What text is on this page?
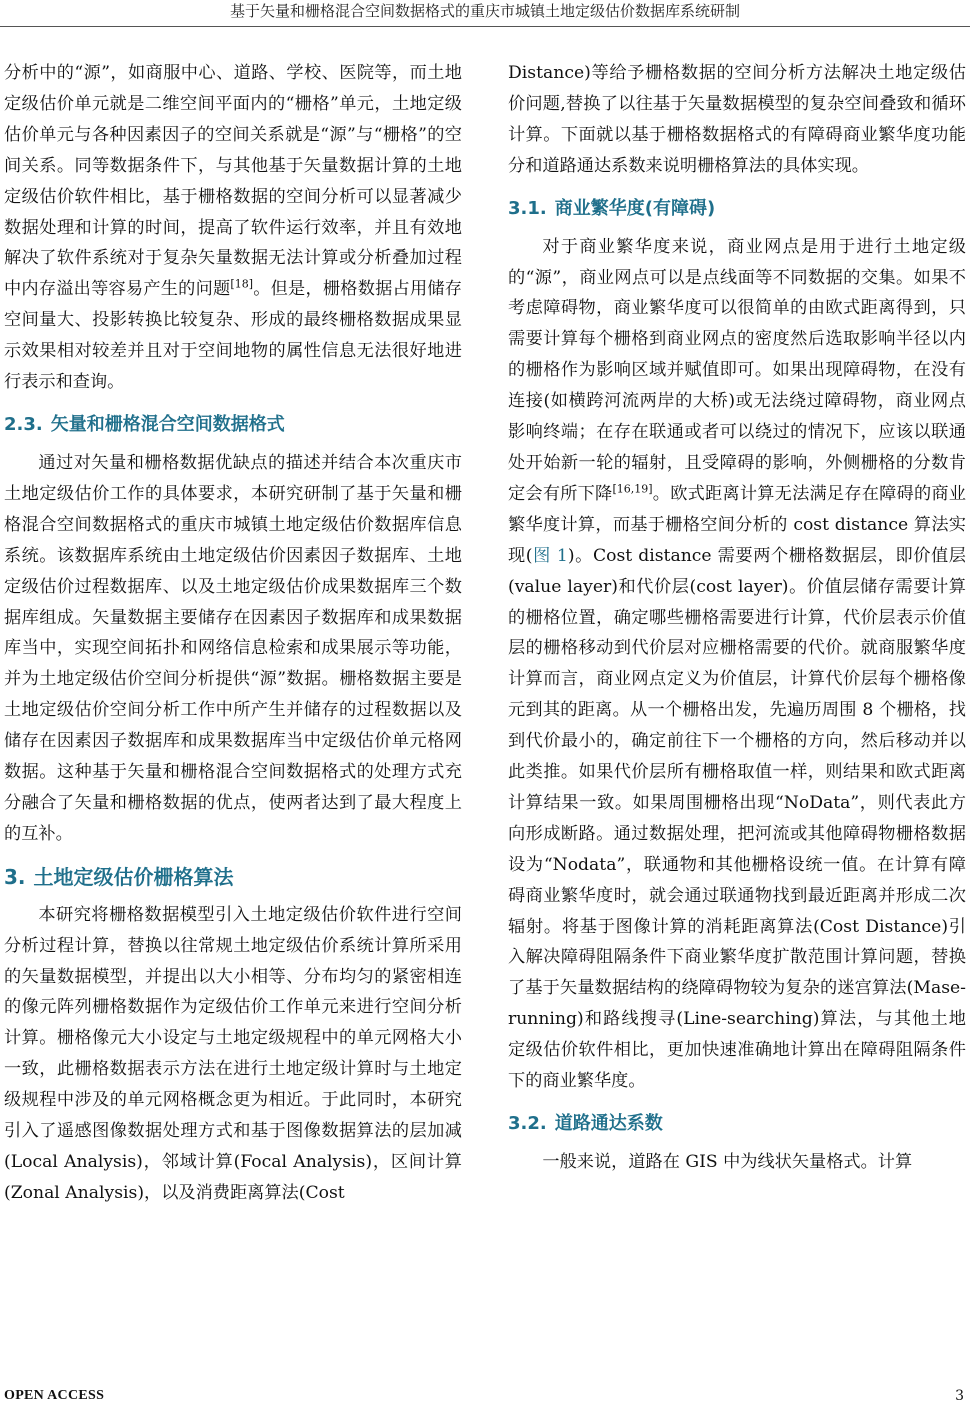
基于矢量和栅格混合空间数据格式的重庆市城镇土地定级估价数据库系统研制

分析中的“源”，如商服中心、道路、学校、医院等，而土地定级估价单元就是二维空间平面内的“栅格”单元，土地定级估价单元与各种因素因子的空间关系就是“源”与“栅格”的空间关系。同等数据条件下，与其他基于矢量数据计算的土地定级估价软件相比，基于栅格数据的空间分析可以显著减少数据处理和计算的时间，提高了软件运行效率，并且有效地解决了软件系统对于复杂矢量数据无法计算或分析叠加过程中内存溢出等容易产生的问题[18]。但是，栅格数据占用储存空间量大、投影转换比较复杂、形成的最终栅格数据成果显示效果相对较差并且对于空间地物的属性信息无法很好地进行表示和查询。

2.3. 矢量和栅格混合空间数据格式

通过对矢量和栅格数据优缺点的描述并结合本次重庆市土地定级估价工作的具体要求，本研究研制了基于矢量和栅格混合空间数据格式的重庆市城镇土地定级估价数据库信息系统。该数据库系统由土地定级估价因素因子数据库、土地定级估价过程数据库、以及土地定级估价成果数据库三个数据库组成。矢量数据主要储存在因素因子数据库和成果数据库当中，实现空间拓扑和网络信息检索和成果展示等功能，并为土地定级估价空间分析提供“源”数据。栅格数据主要是土地定级估价空间分析工作中所产生并储存的过程数据以及储存在因素因子数据库和成果数据库当中定级估价单元格网数据。这种基于矢量和栅格混合空间数据格式的处理方式充分融合了矢量和栅格数据的优点，使两者达到了最大程度上的互补。

3. 土地定级估价栅格算法

本研究将栅格数据模型引入土地定级估价软件进行空间分析过程计算，替换以往常规土地定级估价系统计算所采用的矢量数据模型，并提出以大小相等、分布均匀的紧密相连的像元阵列栅格数据作为定级估价工作单元来进行空间分析计算。栅格像元大小设定与土地定级规程中的单元网格大小一致，此栅格数据表示方法在进行土地定级计算时与土地定级规程中涉及的单元网格概念更为相近。于此同时，本研究引入了遥感图像数据处理方式和基于图像数据算法的层加减(Local Analysis)，邻域计算(Focal Analysis)，区间计算(Zonal Analysis)，以及消费距离算法(Cost

Distance)等给予栅格数据的空间分析方法解决土地定级估价问题,替换了以往基于矢量数据模型的复杂空间叠致和循环计算。下面就以基于栅格数据格式的有障碍商业繁华度功能分和道路通达系数来说明栅格算法的具体实现。

3.1. 商业繁华度(有障碍)

对于商业繁华度来说，商业网点是用于进行土地定级的“源”，商业网点可以是点线面等不同数据的交集。如果不考虑障碍物，商业繁华度可以很简单的由欧式距离得到，只需要计算每个栅格到商业网点的密度然后选取影响半径以内的栅格作为影响区域并赋值即可。如果出现障碍物，在没有连接(如横跨河流两岸的大桥)或无法绕过障碍物，商业网点影响终端；在存在联通或者可以绕过的情况下，应该以联通处开始新一轮的辐射，且受障碍的影响，外侧栅格的分数肯定会有所下降[16,19]。欧式距离计算无法满足存在障碍的商业繁华度计算，而基于栅格空间分析的 cost distance 算法实现(图 1)。Cost distance 需要两个栅格数据层，即价值层(value layer)和代价层(cost layer)。价值层储存需要计算的栅格位置，确定哪些栅格需要进行计算，代价层表示价值层的栅格移动到代价层对应栅格需要的代价。就商服繁华度计算而言，商业网点定义为价值层，计算代价层每个栅格像元到其的距离。从一个栅格出发，先遍历周围 8 个栅格，找到代价最小的，确定前往下一个栅格的方向，然后移动并以此类推。如果代价层所有栅格取值一样，则结果和欧式距离计算结果一致。如果周围栅格出现“NoData”，则代表此方向形成断路。通过数据处理，把河流或其他障碍物栅格数据设为“Nodata”，联通物和其他栅格设统一值。在计算有障碍商业繁华度时，就会通过联通物找到最近距离并形成二次辐射。将基于图像计算的消耗距离算法(Cost Distance)引入解决障碍阻隔条件下商业繁华度扩散范围计算问题，替换了基于矢量数据结构的绕障碍物较为复杂的迷宫算法(Mase-running)和路线搜寻(Line-searching)算法，与其他土地定级估价软件相比，更加快速准确地计算出在障碍阻隔条件下的商业繁华度。

3.2. 道路通达系数

一般来说，道路在 GIS 中为线状矢量格式。计算

OPEN ACCESS	3
